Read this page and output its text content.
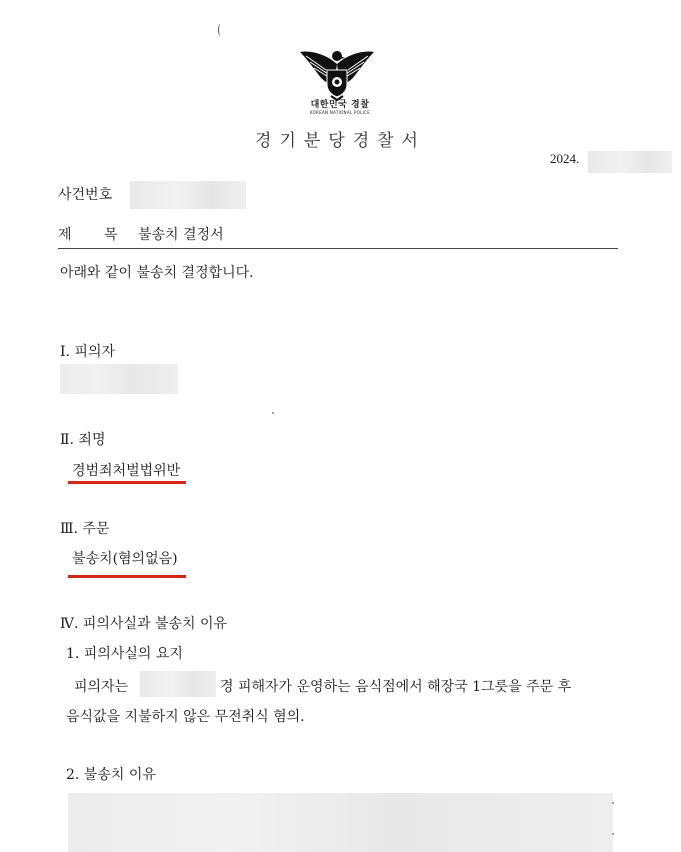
대한민국 경찰
KOREAN NATIONAL POLICE
경기분당경찰서
2024.
사건번호
제 목 불송치 결정서
아래와 같이 불송치 결정합니다.
Ⅰ. 피의자
Ⅱ. 죄명
경범죄처벌법위반
Ⅲ. 주문
불송치(혐의없음)
Ⅳ. 피의사실과 불송치 이유
1. 피의사실의 요지
피의자는	경 피해자가 운영하는 음식점에서 해장국 1그릇을 주문 후
음식값을 지불하지 않은 무전취식 혐의.
2. 불송치 이유
